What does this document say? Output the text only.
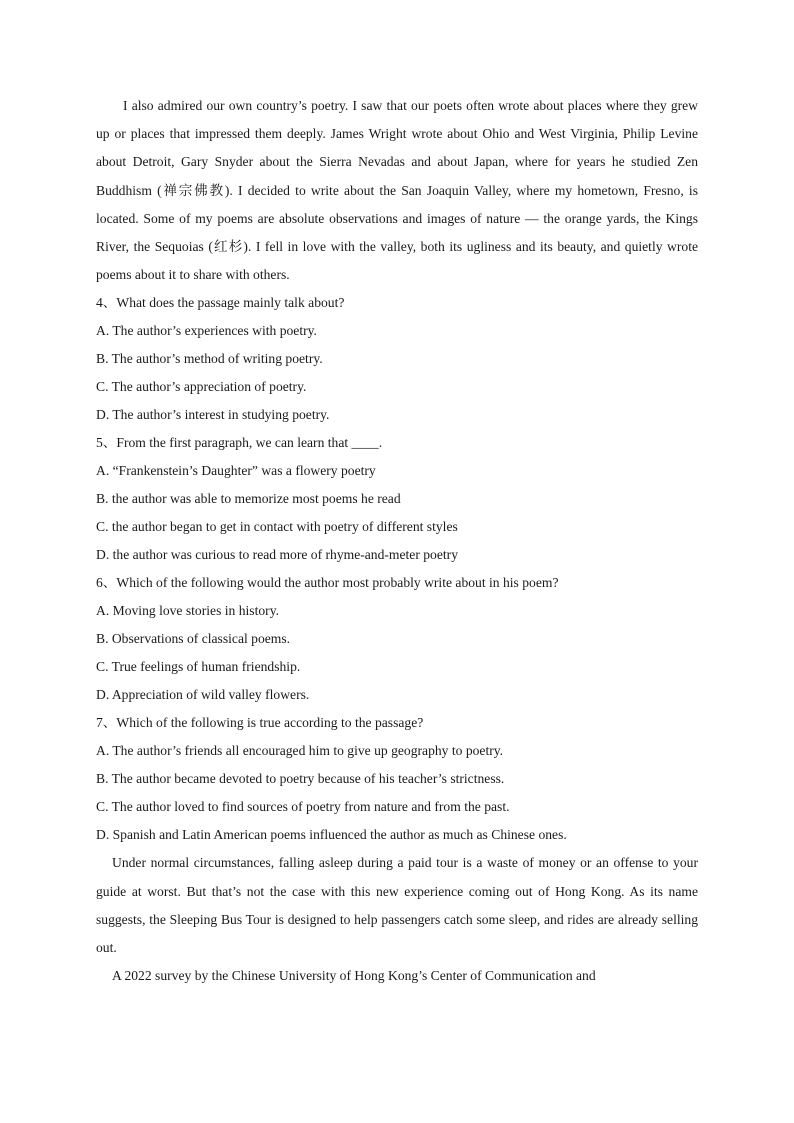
I also admired our own country’s poetry. I saw that our poets often wrote about places where they grew up or places that impressed them deeply. James Wright wrote about Ohio and West Virginia, Philip Levine about Detroit, Gary Snyder about the Sierra Nevadas and about Japan, where for years he studied Zen Buddhism (禅宗佛教). I decided to write about the San Joaquin Valley, where my hometown, Fresno, is located. Some of my poems are absolute observations and images of nature — the orange yards, the Kings River, the Sequoias (红杉). I fell in love with the valley, both its ugliness and its beauty, and quietly wrote poems about it to share with others.

4、What does the passage mainly talk about?
A. The author’s experiences with poetry.
B. The author’s method of writing poetry.
C. The author’s appreciation of poetry.
D. The author’s interest in studying poetry.
5、From the first paragraph, we can learn that ____.
A. “Frankenstein’s Daughter” was a flowery poetry
B. the author was able to memorize most poems he read
C. the author began to get in contact with poetry of different styles
D. the author was curious to read more of rhyme-and-meter poetry
6、Which of the following would the author most probably write about in his poem?
A. Moving love stories in history.
B. Observations of classical poems.
C. True feelings of human friendship.
D. Appreciation of wild valley flowers.
7、Which of the following is true according to the passage?
A. The author’s friends all encouraged him to give up geography to poetry.
B. The author became devoted to poetry because of his teacher’s strictness.
C. The author loved to find sources of poetry from nature and from the past.
D. Spanish and Latin American poems influenced the author as much as Chinese ones.

Under normal circumstances, falling asleep during a paid tour is a waste of money or an offense to your guide at worst. But that’s not the case with this new experience coming out of Hong Kong. As its name suggests, the Sleeping Bus Tour is designed to help passengers catch some sleep, and rides are already selling out.

A 2022 survey by the Chinese University of Hong Kong’s Center of Communication and
